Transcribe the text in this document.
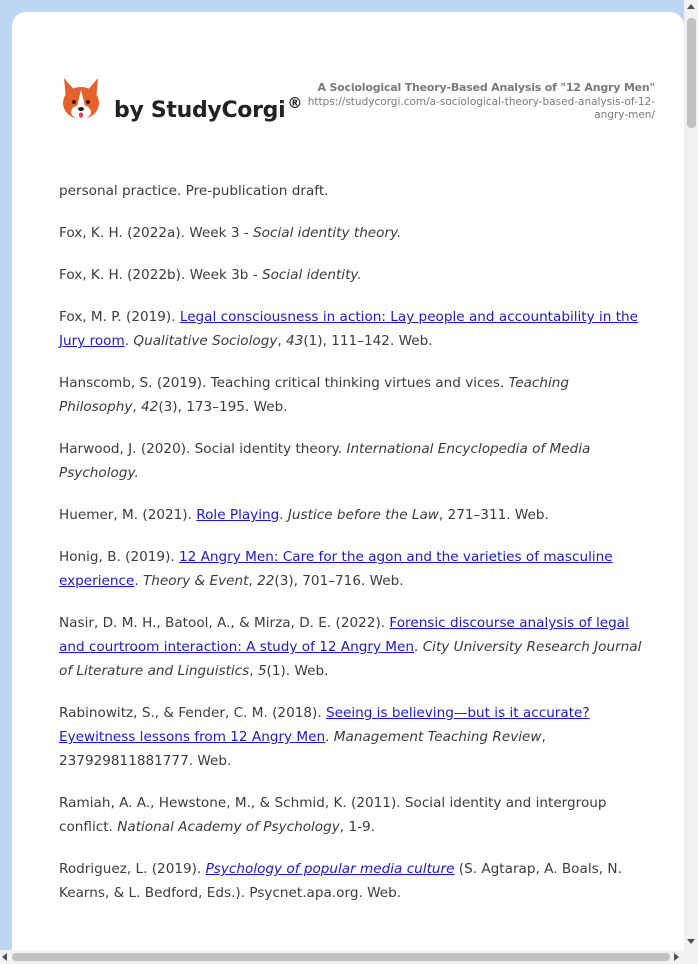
by StudyCorgi ®
A Sociological Theory-Based Analysis of "12 Angry Men"
https://studycorgi.com/a-sociological-theory-based-analysis-of-12-angry-men/

personal practice. Pre-publication draft.

Fox, K. H. (2022a). Week 3 - Social identity theory.

Fox, K. H. (2022b). Week 3b - Social identity.

Fox, M. P. (2019). Legal consciousness in action: Lay people and accountability in the Jury room. Qualitative Sociology, 43(1), 111–142. Web.

Hanscomb, S. (2019). Teaching critical thinking virtues and vices. Teaching Philosophy, 42(3), 173–195. Web.

Harwood, J. (2020). Social identity theory. International Encyclopedia of Media Psychology.

Huemer, M. (2021). Role Playing. Justice before the Law, 271–311. Web.

Honig, B. (2019). 12 Angry Men: Care for the agon and the varieties of masculine experience. Theory & Event, 22(3), 701–716. Web.

Nasir, D. M. H., Batool, A., & Mirza, D. E. (2022). Forensic discourse analysis of legal and courtroom interaction: A study of 12 Angry Men. City University Research Journal of Literature and Linguistics, 5(1). Web.

Rabinowitz, S., & Fender, C. M. (2018). Seeing is believing—but is it accurate? Eyewitness lessons from 12 Angry Men. Management Teaching Review, 237929811881777. Web.

Ramiah, A. A., Hewstone, M., & Schmid, K. (2011). Social identity and intergroup conflict. National Academy of Psychology, 1-9.

Rodriguez, L. (2019). Psychology of popular media culture (S. Agtarap, A. Boals, N. Kearns, & L. Bedford, Eds.). Psycnet.apa.org. Web.
